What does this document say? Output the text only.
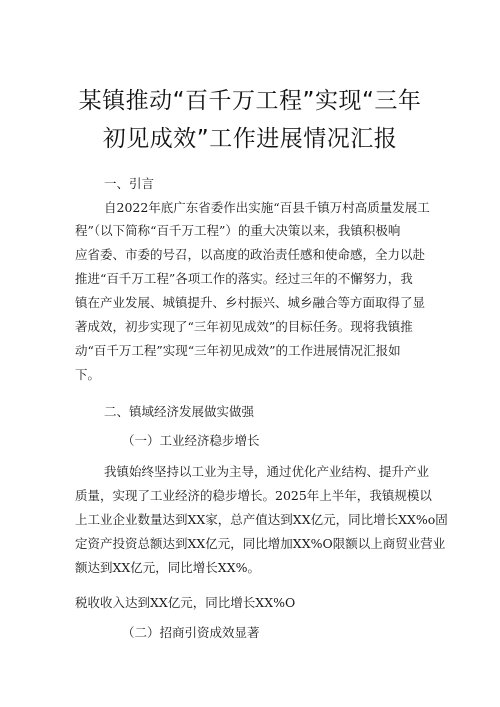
某镇推动“百千万工程”实现“三年
初见成效”工作进展情况汇报
一、引言
自2022年底广东省委作出实施“百县千镇万村高质量发展工
程”（以下简称“百千万工程”）的重大决策以来，我镇积极响
应省委、市委的号召，以高度的政治责任感和使命感，全力以赴
推进“百千万工程”各项工作的落实。经过三年的不懈努力，我
镇在产业发展、城镇提升、乡村振兴、城乡融合等方面取得了显
著成效，初步实现了“三年初见成效”的目标任务。现将我镇推
动“百千万工程”实现“三年初见成效”的工作进展情况汇报如
下。
二、镇域经济发展做实做强
（一）工业经济稳步增长
我镇始终坚持以工业为主导，通过优化产业结构、提升产业
质量，实现了工业经济的稳步增长。2025年上半年，我镇规模以
上工业企业数量达到XX家，总产值达到XX亿元，同比增长XX%o固
定资产投资总额达到XX亿元，同比增加XX%O限额以上商贸业营业
额达到XX亿元，同比增长XX%。
税收收入达到XX亿元，同比增长XX%O
（二）招商引资成效显著
